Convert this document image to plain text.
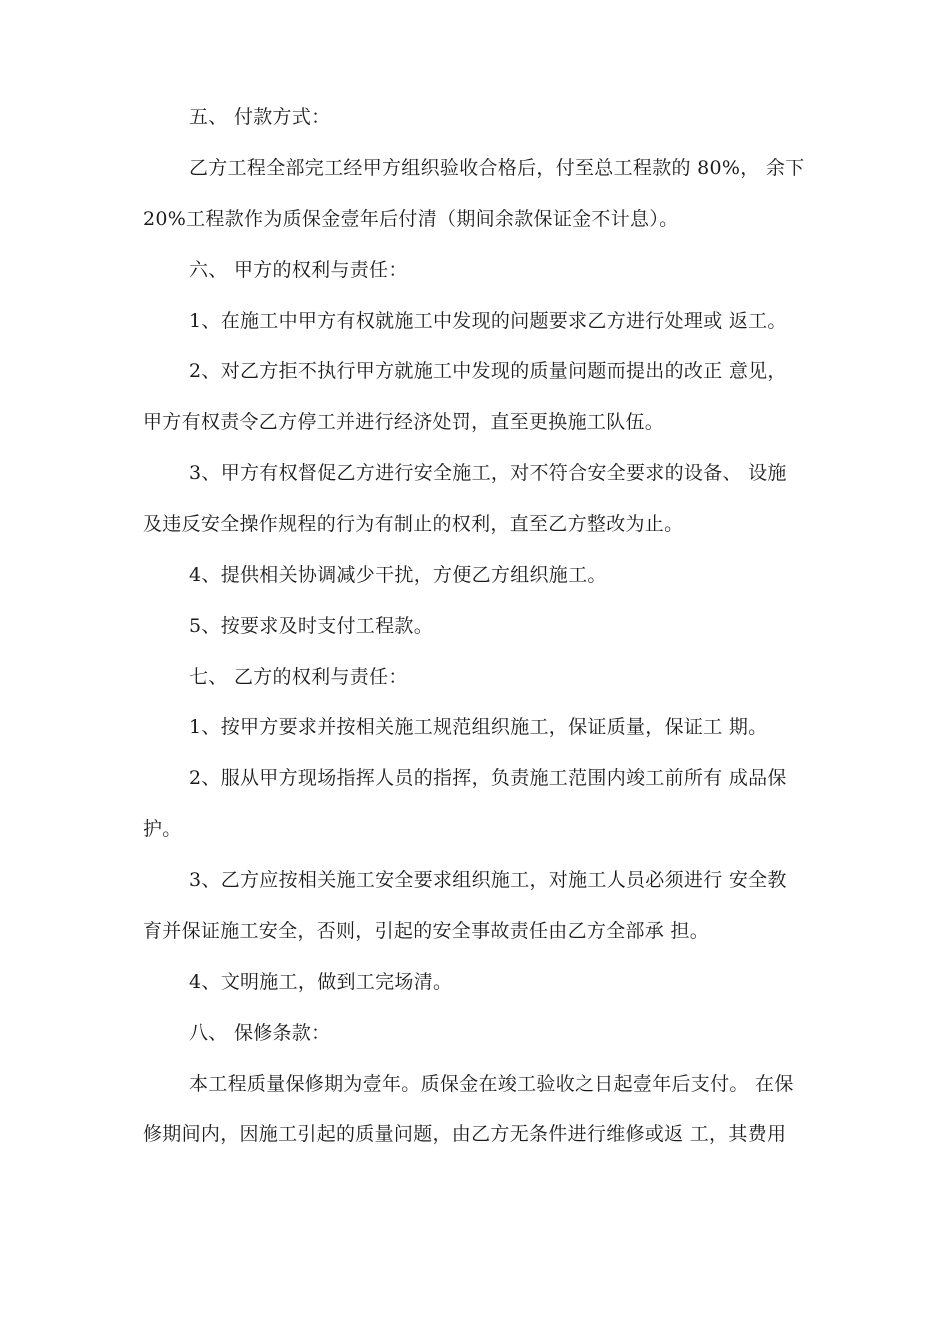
五、 付款方式：
乙方工程全部完工经甲方组织验收合格后，付至总工程款的 80%， 余下
20%工程款作为质保金壹年后付清（期间余款保证金不计息）。
六、 甲方的权利与责任：
1、在施工中甲方有权就施工中发现的问题要求乙方进行处理或 返工。
2、对乙方拒不执行甲方就施工中发现的质量问题而提出的改正 意见，
甲方有权责令乙方停工并进行经济处罚，直至更换施工队伍。
3、甲方有权督促乙方进行安全施工，对不符合安全要求的设备、 设施
及违反安全操作规程的行为有制止的权利，直至乙方整改为止。
4、提供相关协调减少干扰，方便乙方组织施工。
5、按要求及时支付工程款。
七、 乙方的权利与责任：
1、按甲方要求并按相关施工规范组织施工，保证质量，保证工 期。
2、服从甲方现场指挥人员的指挥，负责施工范围内竣工前所有 成品保
护。
3、乙方应按相关施工安全要求组织施工，对施工人员必须进行 安全教
育并保证施工安全，否则，引起的安全事故责任由乙方全部承 担。
4、文明施工，做到工完场清。
八、 保修条款：
本工程质量保修期为壹年。质保金在竣工验收之日起壹年后支付。 在保
修期间内，因施工引起的质量问题，由乙方无条件进行维修或返 工，其费用
